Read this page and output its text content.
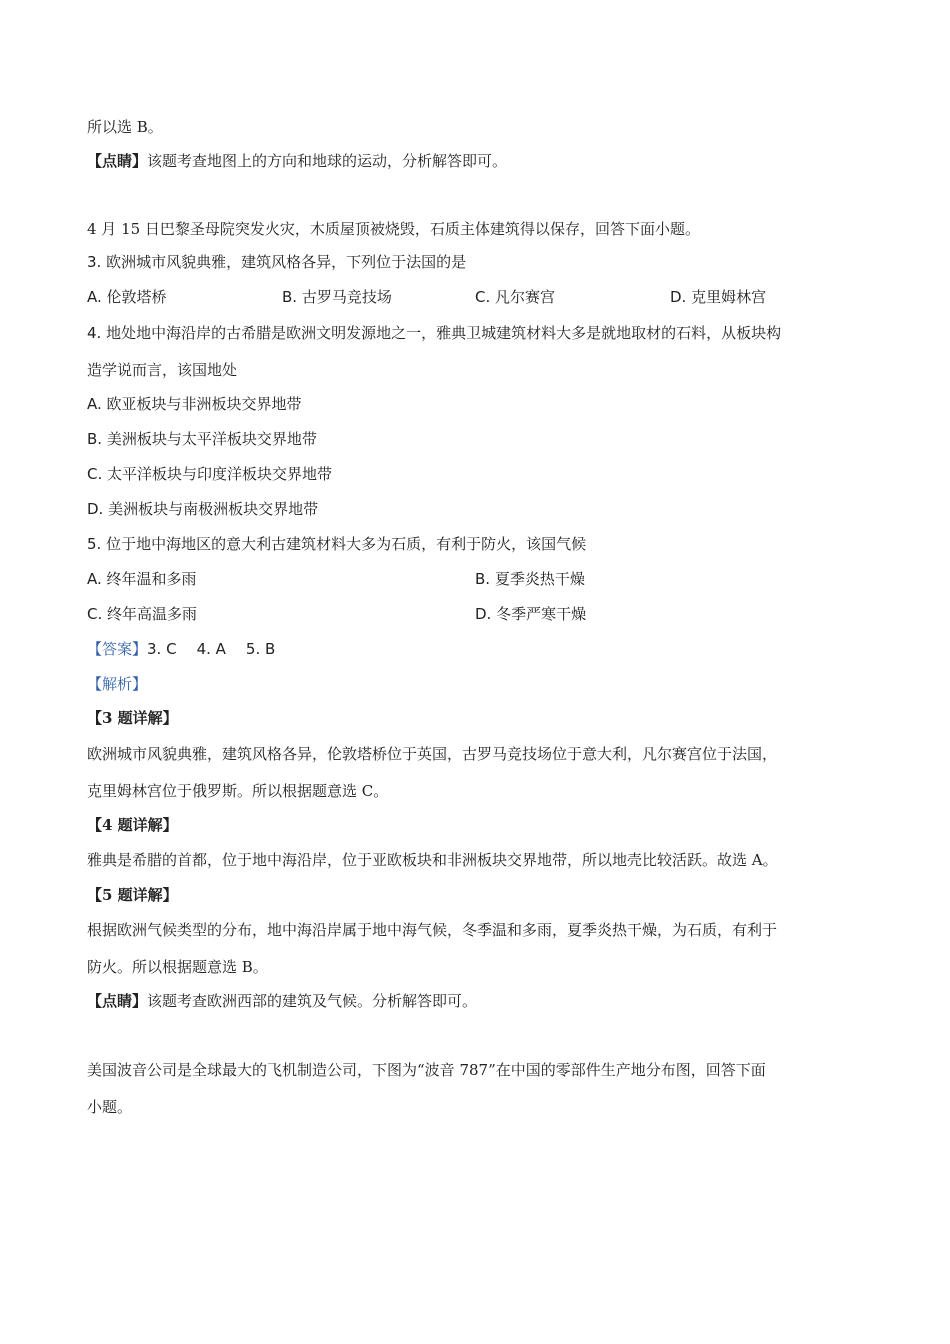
所以选 B。
【点睛】该题考查地图上的方向和地球的运动，分析解答即可。
4 月 15 日巴黎圣母院突发火灾，木质屋顶被烧毁，石质主体建筑得以保存，回答下面小题。
3. 欧洲城市风貌典雅，建筑风格各异，下列位于法国的是
A. 伦敦塔桥	B. 古罗马竞技场	C. 凡尔赛宫	D. 克里姆林宫
4. 地处地中海沿岸的古希腊是欧洲文明发源地之一，雅典卫城建筑材料大多是就地取材的石料，从板块构
造学说而言，该国地处
A. 欧亚板块与非洲板块交界地带
B. 美洲板块与太平洋板块交界地带
C. 太平洋板块与印度洋板块交界地带
D. 美洲板块与南极洲板块交界地带
5. 位于地中海地区的意大利古建筑材料大多为石质，有利于防火，该国气候
A. 终年温和多雨	B. 夏季炎热干燥
C. 终年高温多雨	D. 冬季严寒干燥
【答案】3. C 4. A 5. B
【解析】
【3 题详解】
欧洲城市风貌典雅，建筑风格各异，伦敦塔桥位于英国，古罗马竞技场位于意大利，凡尔赛宫位于法国，
克里姆林宫位于俄罗斯。所以根据题意选 C。
【4 题详解】
雅典是希腊的首都，位于地中海沿岸，位于亚欧板块和非洲板块交界地带，所以地壳比较活跃。故选 A。
【5 题详解】
根据欧洲气候类型的分布，地中海沿岸属于地中海气候，冬季温和多雨，夏季炎热干燥，为石质，有利于
防火。所以根据题意选 B。
【点睛】该题考查欧洲西部的建筑及气候。分析解答即可。
美国波音公司是全球最大的飞机制造公司，下图为“波音 787”在中国的零部件生产地分布图，回答下面
小题。
